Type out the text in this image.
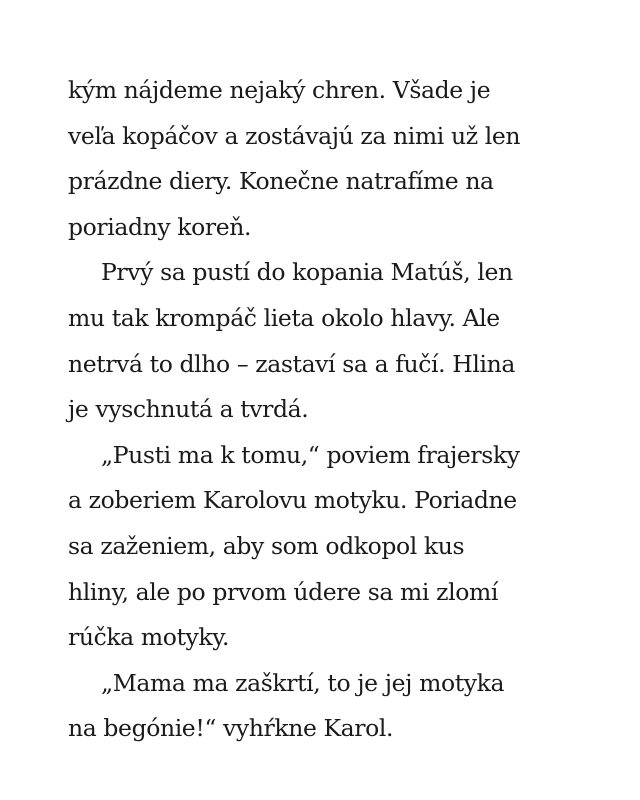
kým nájdeme nejaký chren. Všade je
veľa kopáčov a zostávajú za nimi už len
prázdne diery. Konečne natrafíme na
poriadny koreň.
Prvý sa pustí do kopania Matúš, len
mu tak krompáč lieta okolo hlavy. Ale
netrvá to dlho – zastaví sa a fučí. Hlina
je vyschnutá a tvrdá.
„Pusti ma k tomu,“ poviem frajersky
a zoberiem Karolovu motyku. Poriadne
sa zaženiem, aby som odkopol kus
hliny, ale po prvom údere sa mi zlomí
rúčka motyky.
„Mama ma zaškrtí, to je jej motyka
na begónie!“ vyhŕkne Karol.
